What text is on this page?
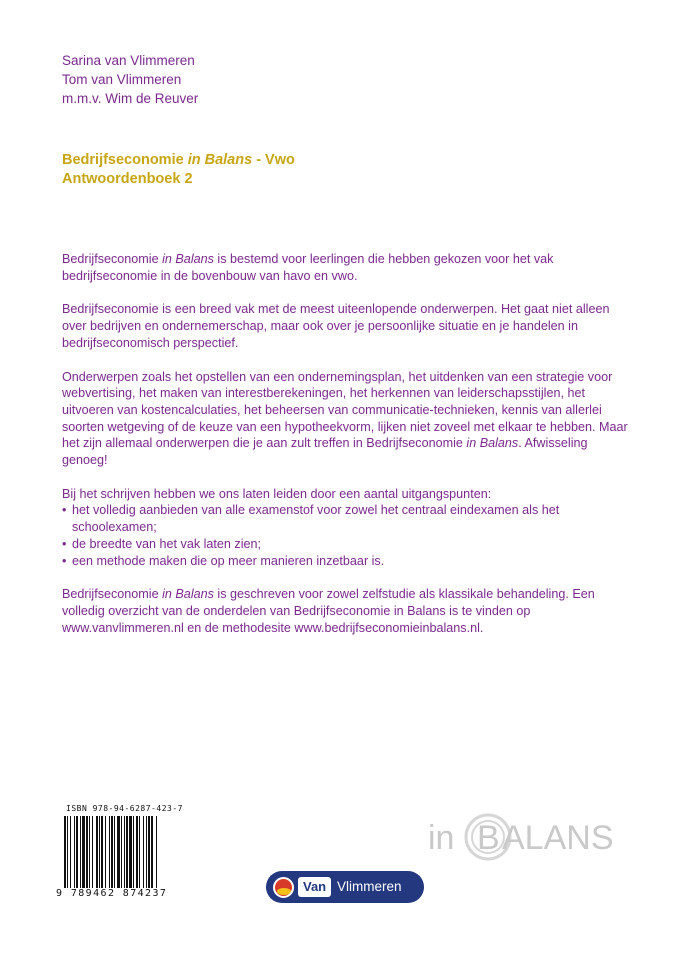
Sarina van Vlimmeren
Tom van Vlimmeren
m.m.v. Wim de Reuver
Bedrijfseconomie in Balans - Vwo
Antwoordenboek 2

Bedrijfseconomie in Balans is bestemd voor leerlingen die hebben gekozen voor het vak bedrijfseconomie in de bovenbouw van havo en vwo.

Bedrijfseconomie is een breed vak met de meest uiteenlopende onderwerpen. Het gaat niet alleen over bedrijven en ondernemerschap, maar ook over je persoonlijke situatie en je handelen in bedrijfseconomisch perspectief.

Onderwerpen zoals het opstellen van een ondernemingsplan, het uitdenken van een strategie voor webvertising, het maken van interestberekeningen, het herkennen van leiderschapsstijlen, het uitvoeren van kostencalculaties, het beheersen van communicatie-technieken, kennis van allerlei soorten wetgeving of de keuze van een hypotheekvorm, lijken niet zoveel met elkaar te hebben. Maar het zijn allemaal onderwerpen die je aan zult treffen in Bedrijfseconomie in Balans. Afwisseling genoeg!

Bij het schrijven hebben we ons laten leiden door een aantal uitgangspunten:

• het volledig aanbieden van alle examenstof voor zowel het centraal eindexamen als het schoolexamen;
• de breedte van het vak laten zien;
• een methode maken die op meer manieren inzetbaar is.

Bedrijfseconomie in Balans is geschreven voor zowel zelfstudie als klassikale behandeling. Een volledig overzicht van de onderdelen van Bedrijfseconomie in Balans is te vinden op www.vanvlimmeren.nl en de methodesite www.bedrijfseconomieinbalans.nl.

ISBN 978-94-6287-423-7
9 789462 874237
in B ALANS
Van Vlimmeren
